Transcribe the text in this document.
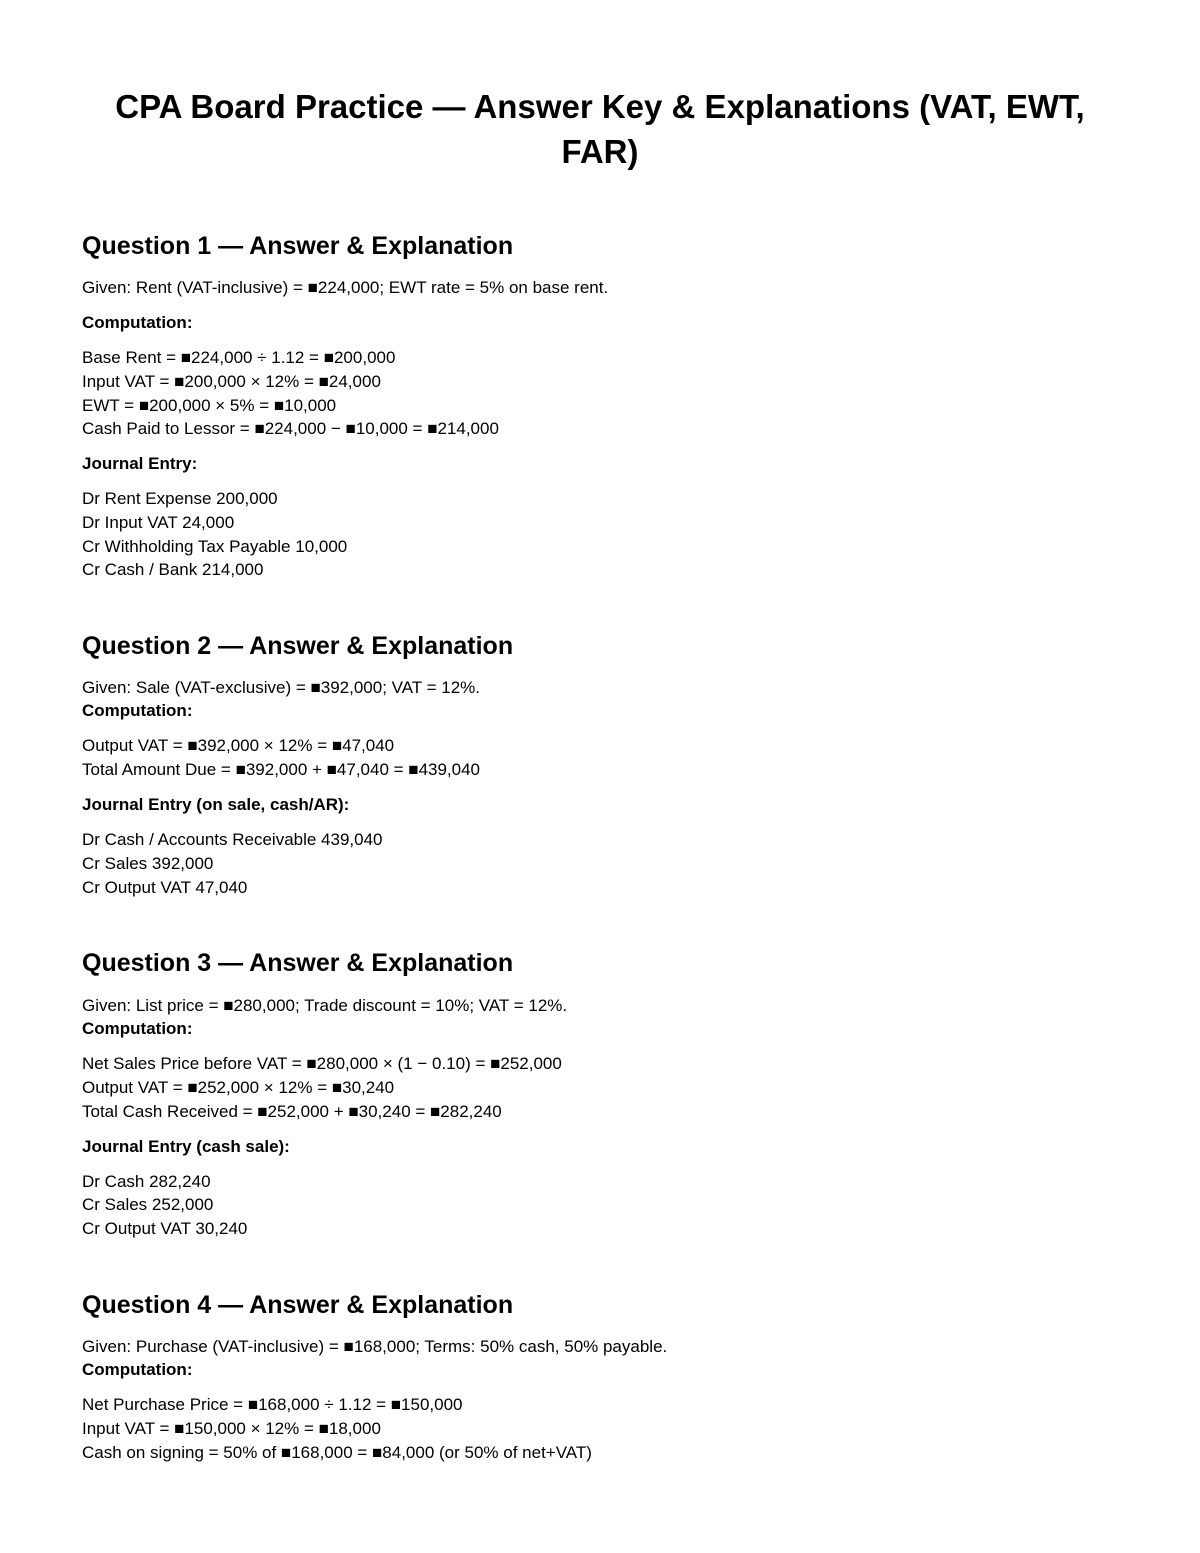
CPA Board Practice — Answer Key & Explanations (VAT, EWT, FAR)
Question 1 — Answer & Explanation

Given: Rent (VAT-inclusive) = ■224,000; EWT rate = 5% on base rent.

Computation:

Base Rent = ■224,000 ÷ 1.12 = ■200,000

Input VAT = ■200,000 × 12% = ■24,000

EWT = ■200,000 × 5% = ■10,000

Cash Paid to Lessor = ■224,000 − ■10,000 = ■214,000

Journal Entry:

Dr Rent Expense 200,000

Dr Input VAT 24,000

Cr Withholding Tax Payable 10,000

Cr Cash / Bank 214,000

Question 2 — Answer & Explanation

Given: Sale (VAT-exclusive) = ■392,000; VAT = 12%.

Computation:

Output VAT = ■392,000 × 12% = ■47,040

Total Amount Due = ■392,000 + ■47,040 = ■439,040

Journal Entry (on sale, cash/AR):

Dr Cash / Accounts Receivable 439,040

Cr Sales 392,000

Cr Output VAT 47,040

Question 3 — Answer & Explanation

Given: List price = ■280,000; Trade discount = 10%; VAT = 12%.

Computation:

Net Sales Price before VAT = ■280,000 × (1 − 0.10) = ■252,000

Output VAT = ■252,000 × 12% = ■30,240

Total Cash Received = ■252,000 + ■30,240 = ■282,240

Journal Entry (cash sale):

Dr Cash 282,240

Cr Sales 252,000

Cr Output VAT 30,240

Question 4 — Answer & Explanation

Given: Purchase (VAT-inclusive) = ■168,000; Terms: 50% cash, 50% payable.

Computation:

Net Purchase Price = ■168,000 ÷ 1.12 = ■150,000

Input VAT = ■150,000 × 12% = ■18,000

Cash on signing = 50% of ■168,000 = ■84,000 (or 50% of net+VAT)
